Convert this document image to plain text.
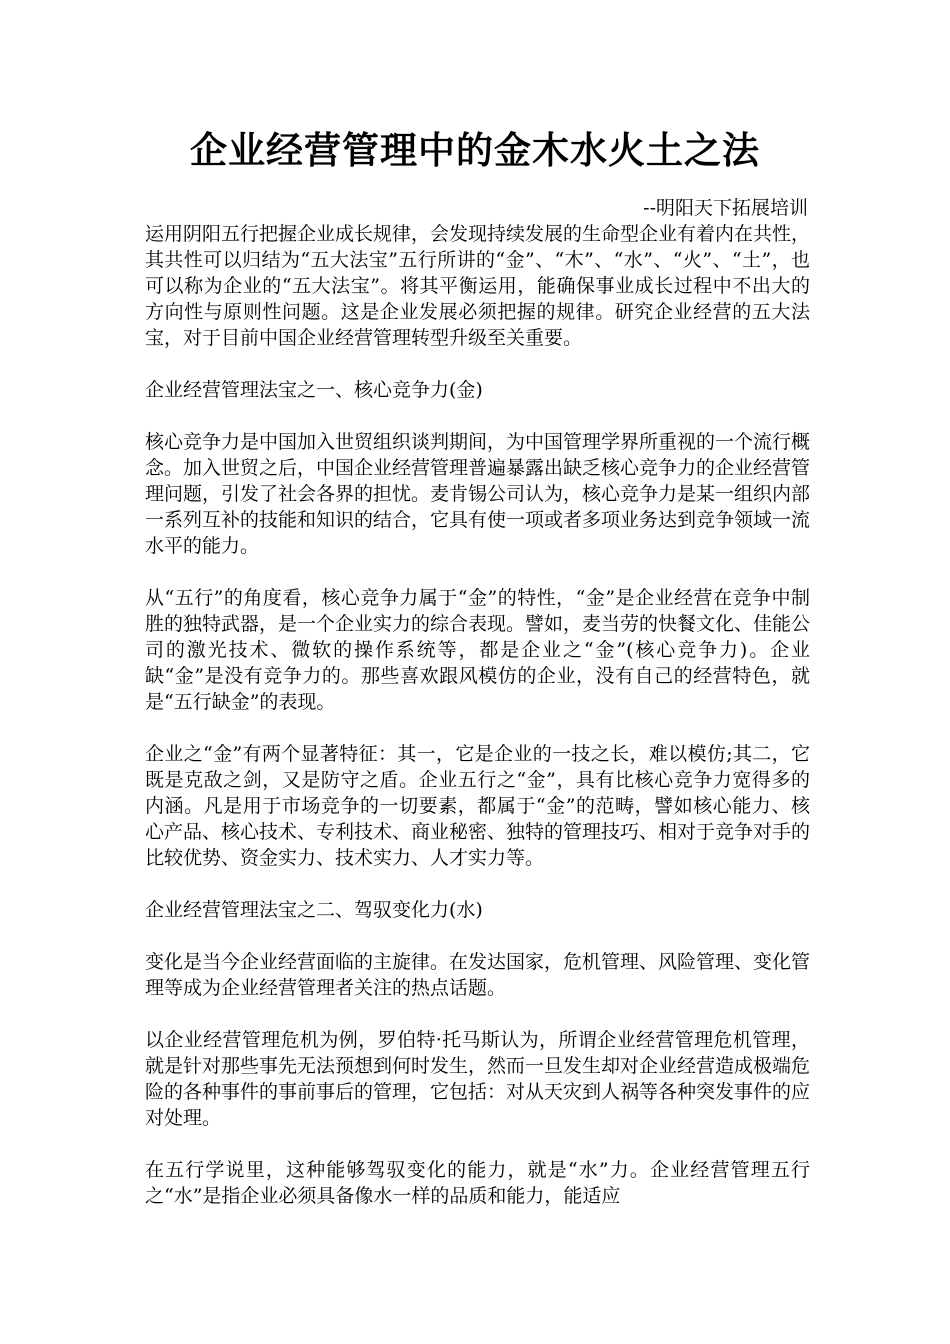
企业经营管理中的金木水火土之法
--明阳天下拓展培训

运用阴阳五行把握企业成长规律，会发现持续发展的生命型企业有着内在共性，其共性可以归结为“五大法宝”五行所讲的“金”、“木”、“水”、“火”、“土”，也可以称为企业的“五大法宝”。将其平衡运用，能确保事业成长过程中不出大的方向性与原则性问题。这是企业发展必须把握的规律。研究企业经营的五大法宝，对于目前中国企业经营管理转型升级至关重要。

企业经营管理法宝之一、核心竞争力(金)

核心竞争力是中国加入世贸组织谈判期间，为中国管理学界所重视的一个流行概念。加入世贸之后，中国企业经营管理普遍暴露出缺乏核心竞争力的企业经营管理问题，引发了社会各界的担忧。麦肯锡公司认为，核心竞争力是某一组织内部一系列互补的技能和知识的结合，它具有使一项或者多项业务达到竞争领域一流水平的能力。

从“五行”的角度看，核心竞争力属于“金”的特性，“金”是企业经营在竞争中制胜的独特武器，是一个企业实力的综合表现。譬如，麦当劳的快餐文化、佳能公司的激光技术、微软的操作系统等，都是企业之“金”(核心竞争力)。企业缺“金”是没有竞争力的。那些喜欢跟风模仿的企业，没有自己的经营特色，就是“五行缺金”的表现。

企业之“金”有两个显著特征：其一，它是企业的一技之长，难以模仿;其二，它既是克敌之剑，又是防守之盾。企业五行之“金”，具有比核心竞争力宽得多的内涵。凡是用于市场竞争的一切要素，都属于“金”的范畴，譬如核心能力、核心产品、核心技术、专利技术、商业秘密、独特的管理技巧、相对于竞争对手的比较优势、资金实力、技术实力、人才实力等。

企业经营管理法宝之二、驾驭变化力(水)

变化是当今企业经营面临的主旋律。在发达国家，危机管理、风险管理、变化管理等成为企业经营管理者关注的热点话题。

以企业经营管理危机为例，罗伯特·托马斯认为，所谓企业经营管理危机管理，就是针对那些事先无法预想到何时发生，然而一旦发生却对企业经营造成极端危险的各种事件的事前事后的管理，它包括：对从天灾到人祸等各种突发事件的应对处理。

在五行学说里，这种能够驾驭变化的能力，就是“水”力。企业经营管理五行之“水”是指企业必须具备像水一样的品质和能力，能适应
